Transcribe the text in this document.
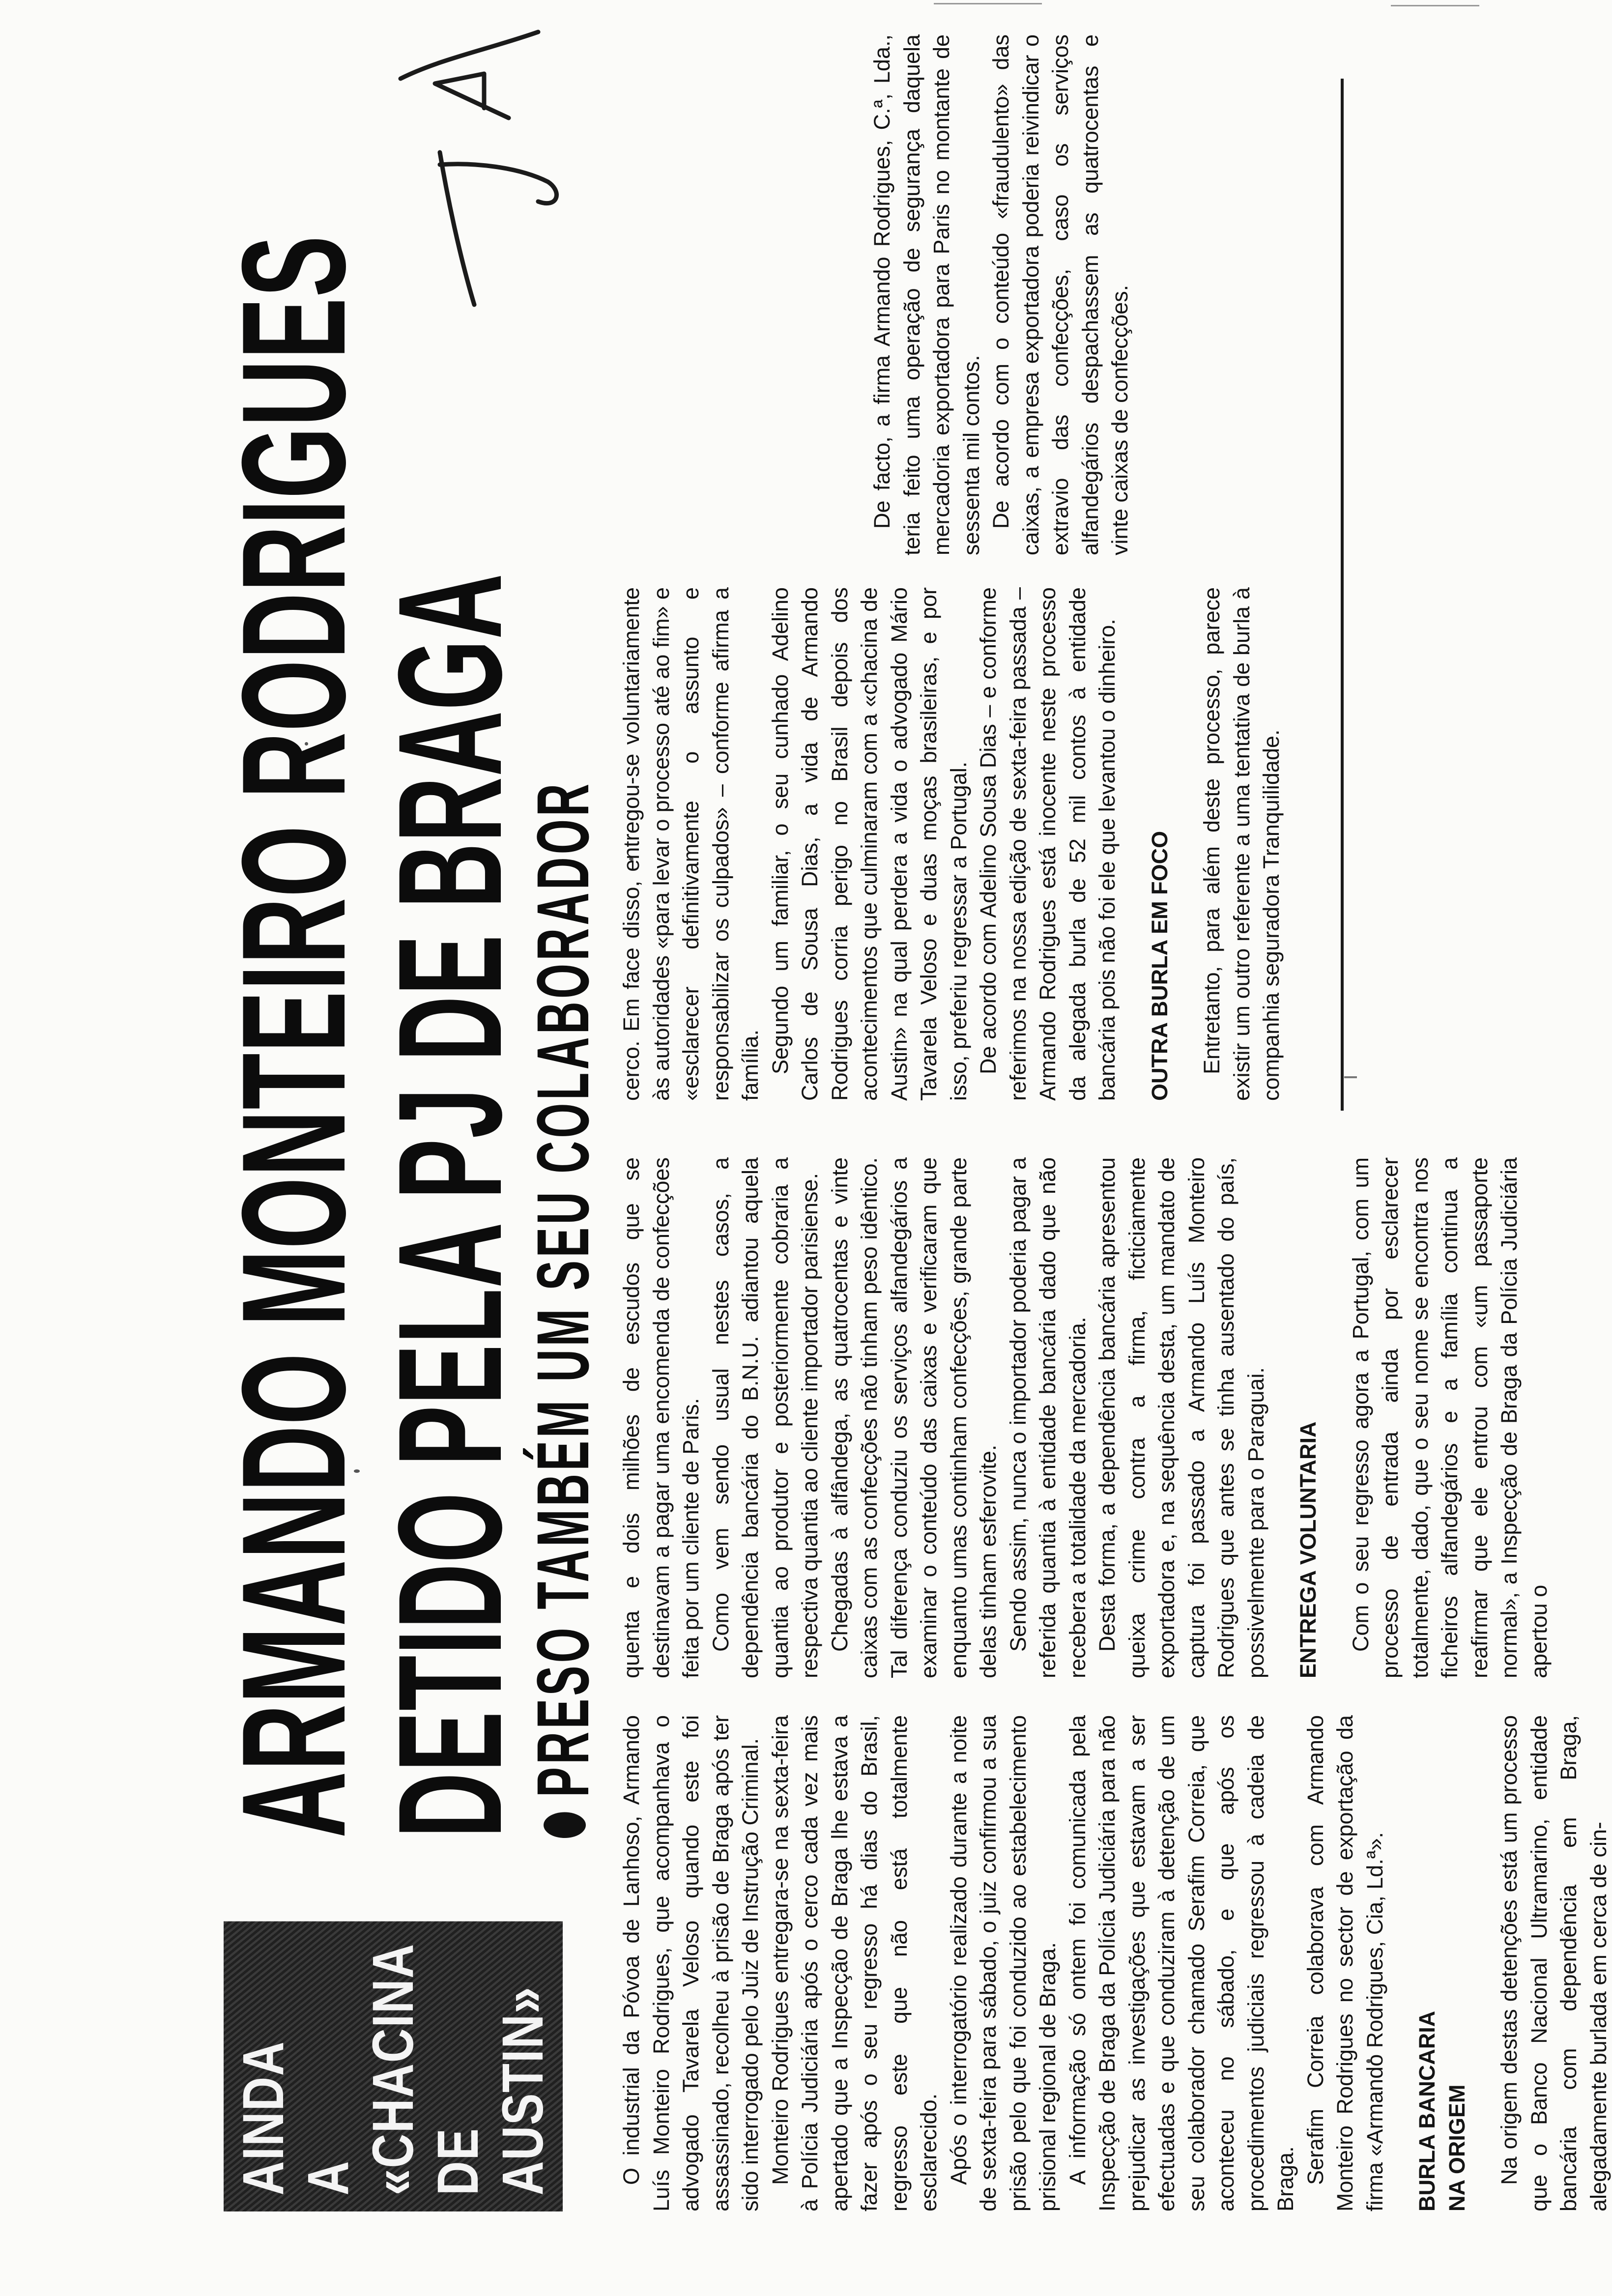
AINDA A «CHACINA DE AUSTIN»
ARMANDO MONTEIRO RODRIGUES
DETIDO PELA PJ DE BRAGA
PRESO TAMBÉM UM SEU COLABORADOR
14

O industrial da Póvoa de Lanhoso, Armando Luís Monteiro Rodrigues, que acompanhava o advogado Tavarela Veloso quando este foi assassinado, recolheu à prisão de Braga após ter sido interrogado pelo Juiz de Instrução Criminal. Monteiro Rodrigues entregara-se na sexta-feira à Polícia Judiciária após o cerco cada vez mais apertado que a Inspecção de Braga lhe estava a fazer após o seu regresso há dias do Brasil, regresso este que não está totalmente esclarecido. Após o interrogatório realizado durante a noite de sexta-feira para sábado, o juiz confirmou a sua prisão pelo que foi conduzido ao estabelecimento prisional regional de Braga. A informação só ontem foi comunicada pela Inspecção de Braga da Polícia Judiciária para não prejudicar as investigações que estavam a ser efectuadas e que conduziram à detenção de um seu colaborador chamado Serafim Correia, que aconteceu no sábado, e que após os procedimentos judiciais regressou à cadeia de Braga. Serafim Correia colaborava com Armando Monteiro Rodrigues no sector de exportação da firma «Armando Rodrigues, Cia, Ld.ª». BURLA BANCARIA NA ORIGEM Na origem destas detenções está um processo que o Banco Nacional Ultramarino, entidade bancária com dependência em Braga, alegadamente burlada em cerca de cin-

quenta e dois milhões de escudos que se destinavam a pagar uma encomenda de confecções feita por um cliente de Paris. Como vem sendo usual nestes casos, a dependência bancária do B.N.U. adiantou aquela quantia ao produtor e posteriormente cobraria a respectiva quantia ao cliente importador parisiense. Chegadas à alfândega, as quatrocentas e vinte caixas com as confecções não tinham peso idêntico. Tal diferença conduziu os serviços alfandegários a examinar o conteúdo das caixas e verificaram que enquanto umas continham confecções, grande parte delas tinham esferovite. Sendo assim, nunca o importador poderia pagar a referida quantia à entidade bancária dado que não recebera a totalidade da mercadoria. Desta forma, a dependência bancária apresentou queixa crime contra a firma, ficticiamente exportadora e, na sequência desta, um mandato de captura foi passado a Armando Luís Monteiro Rodrigues que antes se tinha ausentado do país, possivelmente para o Paraguai. ENTREGA VOLUNTARIA Com o seu regresso agora a Portugal, com um processo de entrada ainda por esclarecer totalmente, dado, que o seu nome se encontra nos ficheiros alfandegários e a família continua a reafirmar que ele entrou com «um passaporte normal», a Inspecção de Braga da Polícia Judiciária apertou o

cerco. Em face disso, entregou-se voluntariamente às autoridades «para levar o processo até ao fim» e «esclarecer definitivamente o assunto e responsabilizar os culpados» – conforme afirma a família. Segundo um familiar, o seu cunhado Adelino Carlos de Sousa Dias, a vida de Armando Rodrigues corria perigo no Brasil depois dos acontecimentos que culminaram com a «chacina de Austin» na qual perdera a vida o advogado Mário Tavarela Veloso e duas moças brasileiras, e por isso, preferiu regressar a Portugal. De acordo com Adelino Sousa Dias – e conforme referimos na nossa edição de sexta-feira passada – Armando Rodrigues está inocente neste processo da alegada burla de 52 mil contos à entidade bancária pois não foi ele que levantou o dinheiro. OUTRA BURLA EM FOCO Entretanto, para além deste processo, parece existir um outro referente a uma tentativa de burla à companhia seguradora Tranquilidade.

De facto, a firma Armando Rodrigues, C.ª, Lda., teria feito uma operação de segurança daquela mercadoria exportadora para Paris no montante de sessenta mil contos. De acordo com o conteúdo «fraudulento» das caixas, a empresa exportadora poderia reivindicar o extravio das confecções, caso os serviços alfandegários despachassem as quatrocentas e vinte caixas de confecções.
